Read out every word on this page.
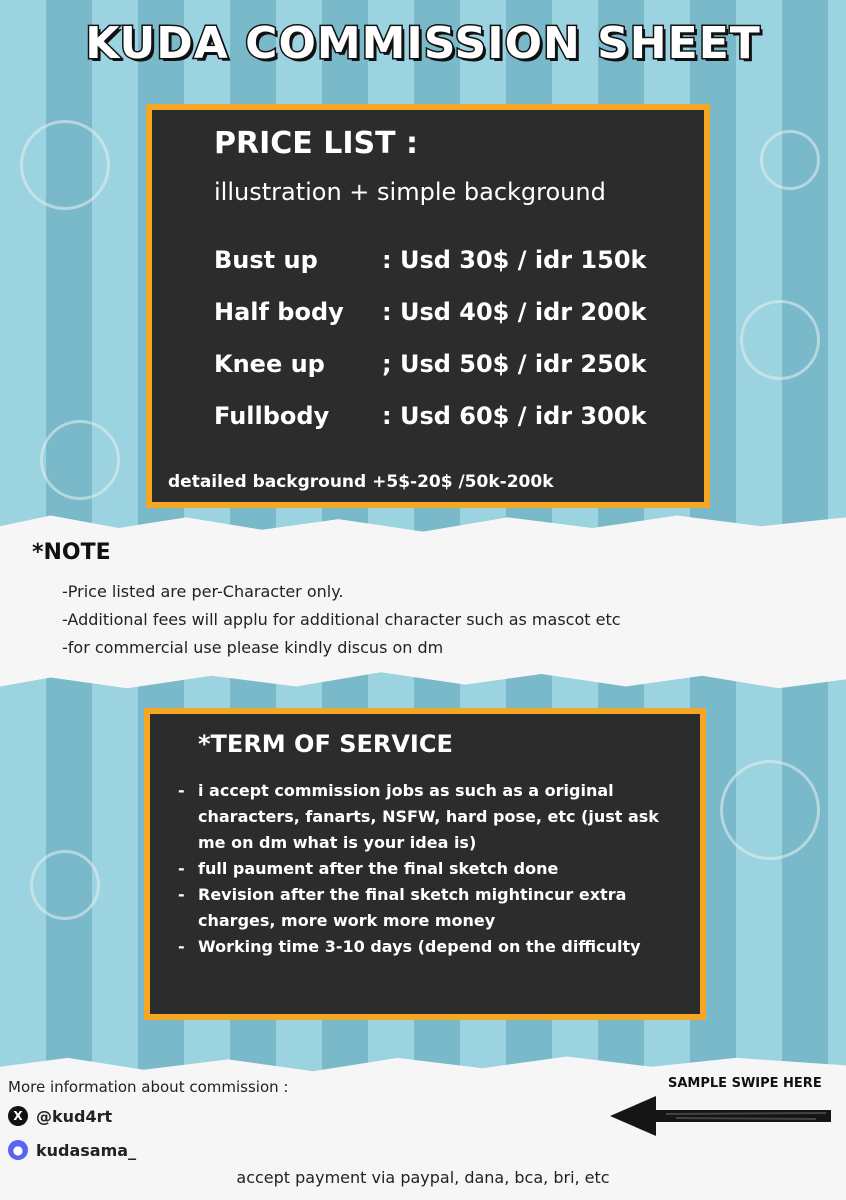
KUDA COMMISSION SHEET
PRICE LIST :
illustration + simple background
Bust up	: Usd 30$ / idr 150k
Half body : Usd 40$ / idr 200k
Knee up ; Usd 50$ / idr 250k
Fullbody : Usd 60$ / idr 300k
detailed background +5$-20$ /50k-200k
*NOTE
-Price listed are per-Character only.
-Additional fees will applu for additional character such as mascot etc
-for commercial use please kindly discus on dm
*TERM OF SERVICE
- i accept commission jobs as such as a original characters, fanarts, NSFW, hard pose, etc (just ask me on dm what is your idea is)
- full paument after the final sketch done
- Revision after the final sketch mightincur extra charges, more work more money
- Working time 3-10 days (depend on the difficulty
More information about commission :
X @kud4rt
● kudasama_
SAMPLE SWIPE HERE
accept payment via paypal, dana, bca, bri, etc
